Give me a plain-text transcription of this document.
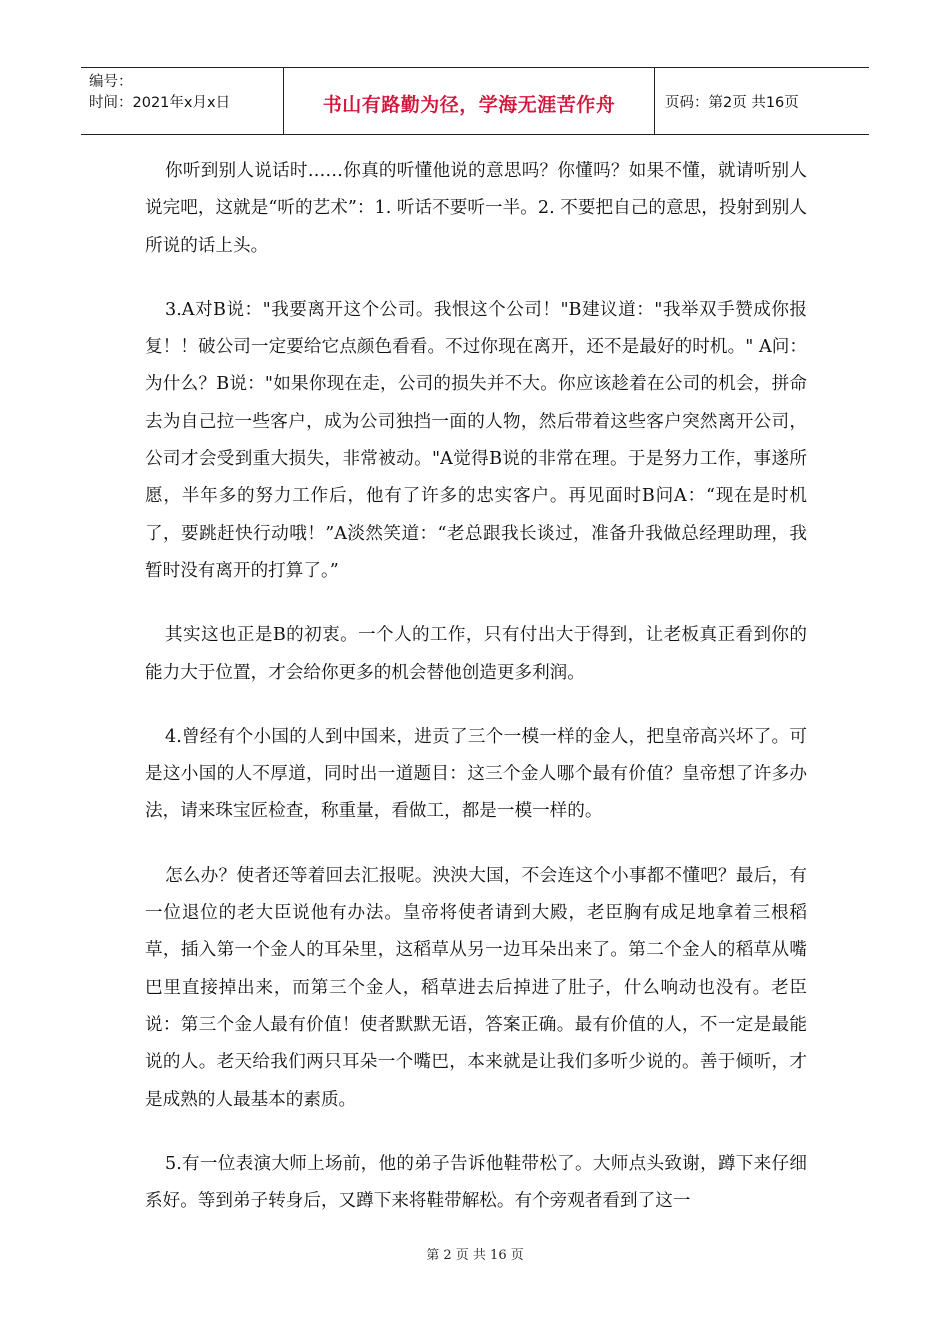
编号：
时间：2021年x月x日	书山有路勤为径，学海无涯苦作舟	页码：第2页 共16页

你听到别人说话时……你真的听懂他说的意思吗？你懂吗？如果不懂，就请听别人说完吧，这就是“听的艺术”：1. 听话不要听一半。2. 不要把自己的意思，投射到别人所说的话上头。

3.A对B说："我要离开这个公司。我恨这个公司！"B建议道："我举双手赞成你报复！！破公司一定要给它点颜色看看。不过你现在离开，还不是最好的时机。" A问：为什么？B说："如果你现在走，公司的损失并不大。你应该趁着在公司的机会，拼命去为自己拉一些客户，成为公司独挡一面的人物，然后带着这些客户突然离开公司，公司才会受到重大损失，非常被动。"A觉得B说的非常在理。于是努力工作，事遂所愿，半年多的努力工作后，他有了许多的忠实客户。再见面时B问A：“现在是时机了，要跳赶快行动哦！”A淡然笑道：“老总跟我长谈过，准备升我做总经理助理，我暂时没有离开的打算了。”

其实这也正是B的初衷。一个人的工作，只有付出大于得到，让老板真正看到你的能力大于位置，才会给你更多的机会替他创造更多利润。

4.曾经有个小国的人到中国来，进贡了三个一模一样的金人，把皇帝高兴坏了。可是这小国的人不厚道，同时出一道题目：这三个金人哪个最有价值？皇帝想了许多办法，请来珠宝匠检查，称重量，看做工，都是一模一样的。

怎么办？使者还等着回去汇报呢。泱泱大国，不会连这个小事都不懂吧？最后，有一位退位的老大臣说他有办法。皇帝将使者请到大殿，老臣胸有成足地拿着三根稻草，插入第一个金人的耳朵里，这稻草从另一边耳朵出来了。第二个金人的稻草从嘴巴里直接掉出来，而第三个金人，稻草进去后掉进了肚子，什么响动也没有。老臣说：第三个金人最有价值！使者默默无语，答案正确。最有价值的人，不一定是最能说的人。老天给我们两只耳朵一个嘴巴，本来就是让我们多听少说的。善于倾听，才是成熟的人最基本的素质。

5.有一位表演大师上场前，他的弟子告诉他鞋带松了。大师点头致谢，蹲下来仔细系好。等到弟子转身后，又蹲下来将鞋带解松。有个旁观者看到了这一

第 2 页 共 16 页
